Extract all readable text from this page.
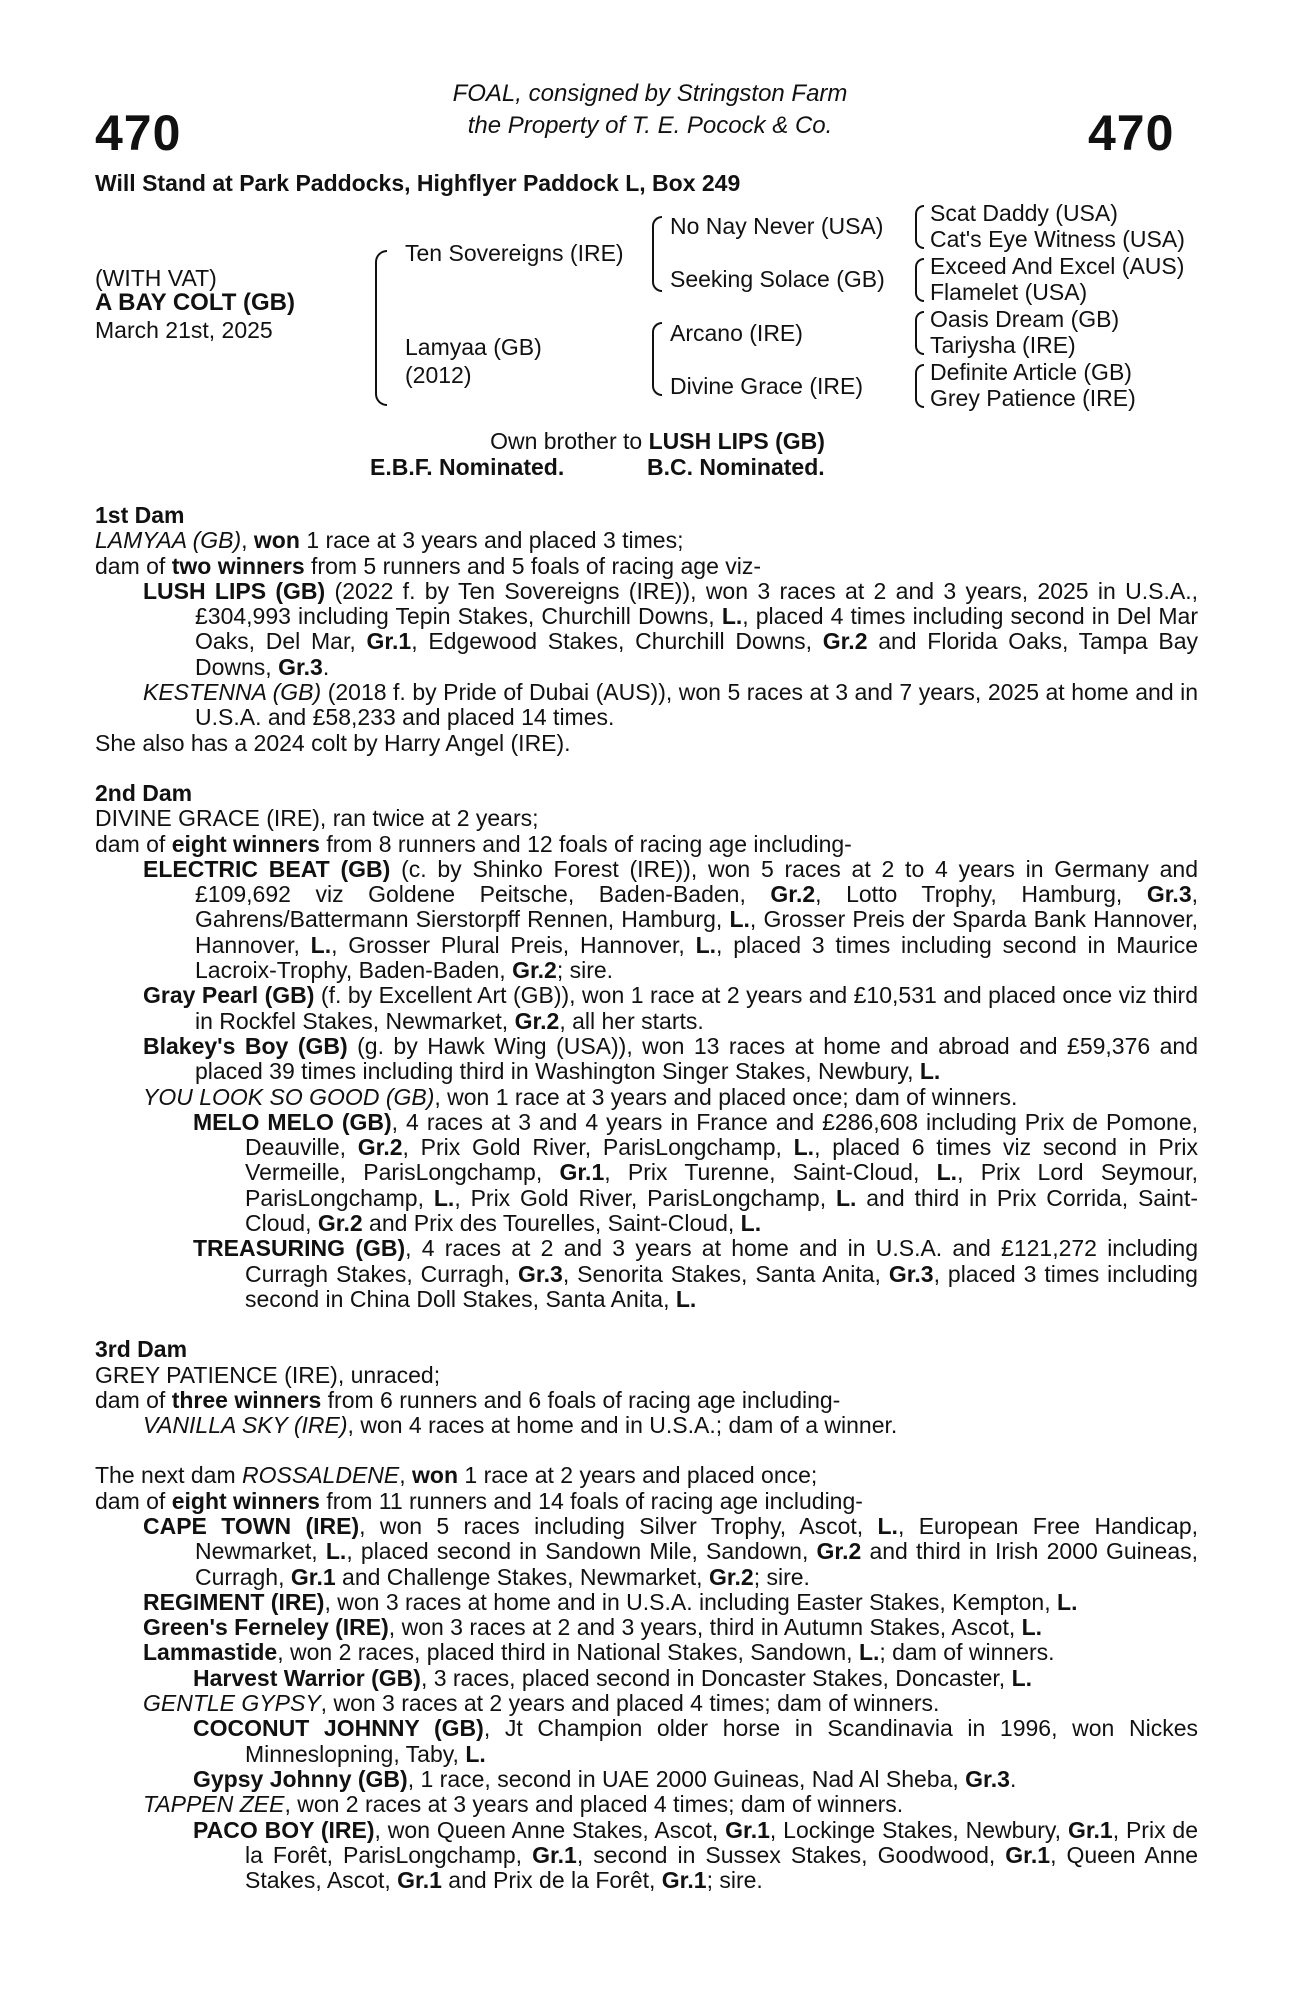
470	470
FOAL, consigned by Stringston Farm
the Property of T. E. Pocock & Co.
Will Stand at Park Paddocks, Highflyer Paddock L, Box 249
(WITH VAT)
A BAY COLT (GB)
March 21st, 2025
Ten Sovereigns (IRE)
Lamyaa (GB)
(2012)
No Nay Never (USA)
Seeking Solace (GB)
Arcano (IRE)
Divine Grace (IRE)
Scat Daddy (USA)
Cat's Eye Witness (USA)
Exceed And Excel (AUS)
Flamelet (USA)
Oasis Dream (GB)
Tariysha (IRE)
Definite Article (GB)
Grey Patience (IRE)
Own brother to LUSH LIPS (GB)
E.B.F. Nominated.	B.C. Nominated.

1st Dam

LAMYAA (GB), won 1 race at 3 years and placed 3 times;

dam of two winners from 5 runners and 5 foals of racing age viz-

LUSH LIPS (GB) (2022 f. by Ten Sovereigns (IRE)), won 3 races at 2 and 3 years, 2025 in U.S.A., £304,993 including Tepin Stakes, Churchill Downs, L., placed 4 times including second in Del Mar Oaks, Del Mar, Gr.1, Edgewood Stakes, Churchill Downs, Gr.2 and Florida Oaks, Tampa Bay Downs, Gr.3.

KESTENNA (GB) (2018 f. by Pride of Dubai (AUS)), won 5 races at 3 and 7 years, 2025 at home and in U.S.A. and £58,233 and placed 14 times.

She also has a 2024 colt by Harry Angel (IRE).

2nd Dam

DIVINE GRACE (IRE), ran twice at 2 years;

dam of eight winners from 8 runners and 12 foals of racing age including-

ELECTRIC BEAT (GB) (c. by Shinko Forest (IRE)), won 5 races at 2 to 4 years in Germany and £109,692 viz Goldene Peitsche, Baden-Baden, Gr.2, Lotto Trophy, Hamburg, Gr.3, Gahrens/Battermann Sierstorpff Rennen, Hamburg, L., Grosser Preis der Sparda Bank Hannover, Hannover, L., Grosser Plural Preis, Hannover, L., placed 3 times including second in Maurice Lacroix-Trophy, Baden-Baden, Gr.2; sire.

Gray Pearl (GB) (f. by Excellent Art (GB)), won 1 race at 2 years and £10,531 and placed once viz third in Rockfel Stakes, Newmarket, Gr.2, all her starts.

Blakey's Boy (GB) (g. by Hawk Wing (USA)), won 13 races at home and abroad and £59,376 and placed 39 times including third in Washington Singer Stakes, Newbury, L.

YOU LOOK SO GOOD (GB), won 1 race at 3 years and placed once; dam of winners.

MELO MELO (GB), 4 races at 3 and 4 years in France and £286,608 including Prix de Pomone, Deauville, Gr.2, Prix Gold River, ParisLongchamp, L., placed 6 times viz second in Prix Vermeille, ParisLongchamp, Gr.1, Prix Turenne, Saint-Cloud, L., Prix Lord Seymour, ParisLongchamp, L., Prix Gold River, ParisLongchamp, L. and third in Prix Corrida, Saint-Cloud, Gr.2 and Prix des Tourelles, Saint-Cloud, L.

TREASURING (GB), 4 races at 2 and 3 years at home and in U.S.A. and £121,272 including Curragh Stakes, Curragh, Gr.3, Senorita Stakes, Santa Anita, Gr.3, placed 3 times including second in China Doll Stakes, Santa Anita, L.

3rd Dam

GREY PATIENCE (IRE), unraced;

dam of three winners from 6 runners and 6 foals of racing age including-

VANILLA SKY (IRE), won 4 races at home and in U.S.A.; dam of a winner.

The next dam ROSSALDENE, won 1 race at 2 years and placed once;

dam of eight winners from 11 runners and 14 foals of racing age including-

CAPE TOWN (IRE), won 5 races including Silver Trophy, Ascot, L., European Free Handicap, Newmarket, L., placed second in Sandown Mile, Sandown, Gr.2 and third in Irish 2000 Guineas, Curragh, Gr.1 and Challenge Stakes, Newmarket, Gr.2; sire.

REGIMENT (IRE), won 3 races at home and in U.S.A. including Easter Stakes, Kempton, L.

Green's Ferneley (IRE), won 3 races at 2 and 3 years, third in Autumn Stakes, Ascot, L.

Lammastide, won 2 races, placed third in National Stakes, Sandown, L.; dam of winners.

Harvest Warrior (GB), 3 races, placed second in Doncaster Stakes, Doncaster, L.

GENTLE GYPSY, won 3 races at 2 years and placed 4 times; dam of winners.

COCONUT JOHNNY (GB), Jt Champion older horse in Scandinavia in 1996, won Nickes Minneslopning, Taby, L.

Gypsy Johnny (GB), 1 race, second in UAE 2000 Guineas, Nad Al Sheba, Gr.3.

TAPPEN ZEE, won 2 races at 3 years and placed 4 times; dam of winners.

PACO BOY (IRE), won Queen Anne Stakes, Ascot, Gr.1, Lockinge Stakes, Newbury, Gr.1, Prix de la Forêt, ParisLongchamp, Gr.1, second in Sussex Stakes, Goodwood, Gr.1, Queen Anne Stakes, Ascot, Gr.1 and Prix de la Forêt, Gr.1; sire.
